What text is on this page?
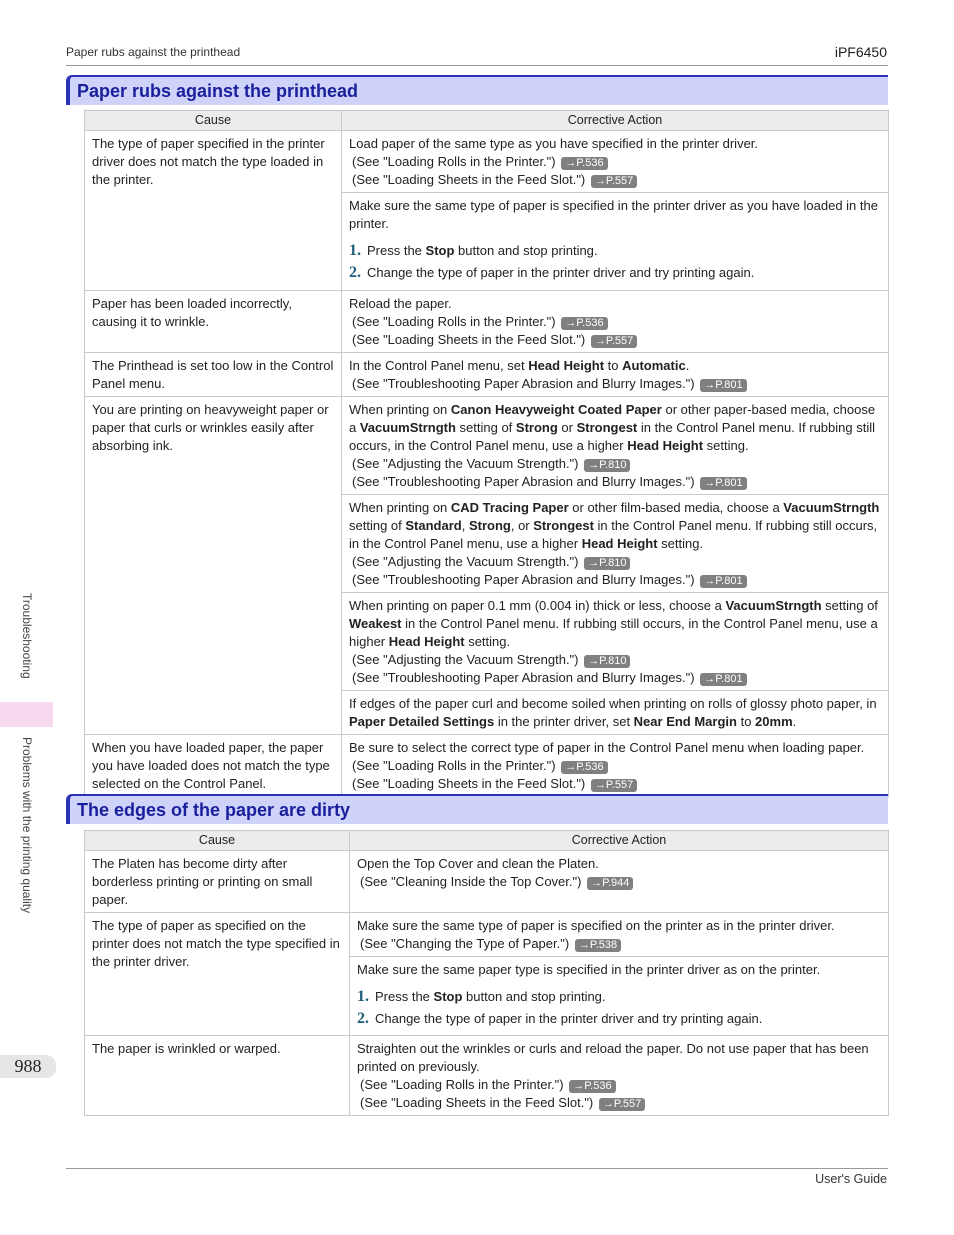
Paper rubs against the printhead	iPF6450
Paper rubs against the printhead
Cause	Corrective Action
The type of paper specified in the printer driver does not match the type loaded in the printer.	Load paper of the same type as you have specified in the printer driver.
(See "Loading Rolls in the Printer.") →P.536
(See "Loading Sheets in the Feed Slot.") →P.557

	Make sure the same type of paper is specified in the printer driver as you have loaded in the printer.
1. Press the Stop button and stop printing.
2. Change the type of paper in the printer driver and try printing again.

Paper has been loaded incorrectly, causing it to wrinkle.	Reload the paper.
(See "Loading Rolls in the Printer.") →P.536
(See "Loading Sheets in the Feed Slot.") →P.557

The Printhead is set too low in the Control Panel menu.	In the Control Panel menu, set Head Height to Automatic.
(See "Troubleshooting Paper Abrasion and Blurry Images.") →P.801

You are printing on heavyweight paper or paper that curls or wrinkles easily after absorbing ink.	When printing on Canon Heavyweight Coated Paper or other paper-based media, choose a VacuumStrngth setting of Strong or Strongest in the Control Panel menu. If rubbing still occurs, in the Control Panel menu, use a higher Head Height setting.
(See "Adjusting the Vacuum Strength.") →P.810
(See "Troubleshooting Paper Abrasion and Blurry Images.") →P.801

	When printing on CAD Tracing Paper or other film-based media, choose a VacuumStrngth setting of Standard, Strong, or Strongest in the Control Panel menu. If rubbing still occurs, in the Control Panel menu, use a higher Head Height setting.
(See "Adjusting the Vacuum Strength.") →P.810
(See "Troubleshooting Paper Abrasion and Blurry Images.") →P.801

	When printing on paper 0.1 mm (0.004 in) thick or less, choose a VacuumStrngth setting of Weakest in the Control Panel menu. If rubbing still occurs, in the Control Panel menu, use a higher Head Height setting.
(See "Adjusting the Vacuum Strength.") →P.810
(See "Troubleshooting Paper Abrasion and Blurry Images.") →P.801

	If edges of the paper curl and become soiled when printing on rolls of glossy photo paper, in Paper Detailed Settings in the printer driver, set Near End Margin to 20mm.

When you have loaded paper, the paper you have loaded does not match the type selected on the Control Panel.	Be sure to select the correct type of paper in the Control Panel menu when loading paper.
(See "Loading Rolls in the Printer.") →P.536
(See "Loading Sheets in the Feed Slot.") →P.557
The edges of the paper are dirty
Cause	Corrective Action
The Platen has become dirty after borderless printing or printing on small paper.	Open the Top Cover and clean the Platen.
(See "Cleaning Inside the Top Cover.") →P.944

The type of paper as specified on the printer does not match the type specified in the printer driver.	Make sure the same type of paper is specified on the printer as in the printer driver.
(See "Changing the Type of Paper.") →P.538

	Make sure the same paper type is specified in the printer driver as on the printer.
1. Press the Stop button and stop printing.
2. Change the type of paper in the printer driver and try printing again.

The paper is wrinkled or warped.	Straighten out the wrinkles or curls and reload the paper. Do not use paper that has been printed on previously.
(See "Loading Rolls in the Printer.") →P.536
(See "Loading Sheets in the Feed Slot.") →P.557
Troubleshooting
Problems with the printing quality
988
User's Guide
